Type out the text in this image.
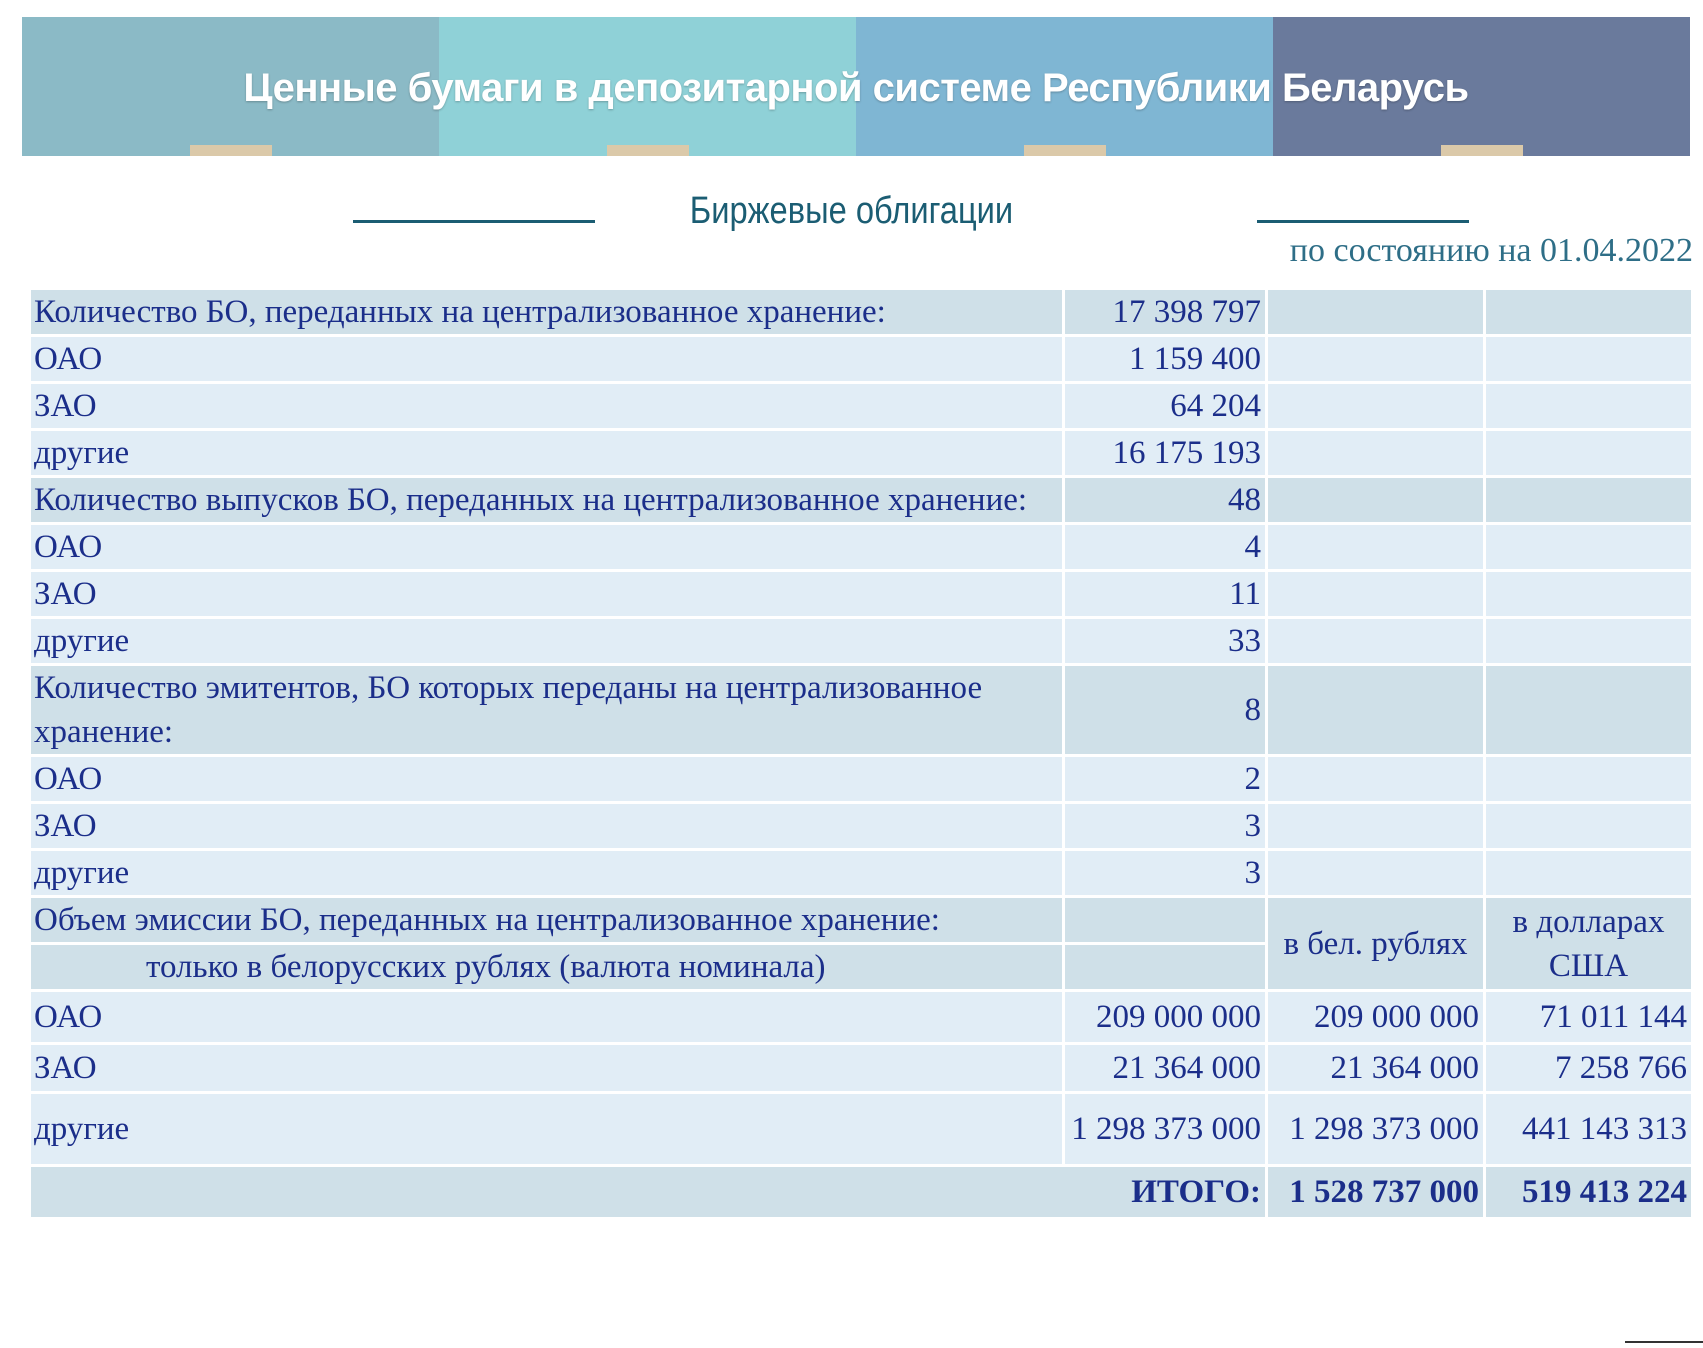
Ценные бумаги в депозитарной системе Республики Беларусь
Биржевые облигации
по состоянию на 01.04.2022
Количество БО, переданных на централизованное хранение:	17 398 797		
ОАО	1 159 400		
ЗАО	64 204		
другие	16 175 193		
Количество выпусков БО, переданных на централизованное хранение:	48		
ОАО	4		
ЗАО	11		
другие	33		
Количество эмитентов, БО которых переданы на централизованное хранение:	8		
ОАО	2		
ЗАО	3		
другие	3		
Объем эмиссии БО, переданных на централизованное хранение:		в бел. рублях	в долларах США
только в белорусских рублях (валюта номинала)			
ОАО	209 000 000	209 000 000	71 011 144
ЗАО	21 364 000	21 364 000	7 258 766
другие	1 298 373 000	1 298 373 000	441 143 313
ИТОГО:		1 528 737 000	519 413 224
